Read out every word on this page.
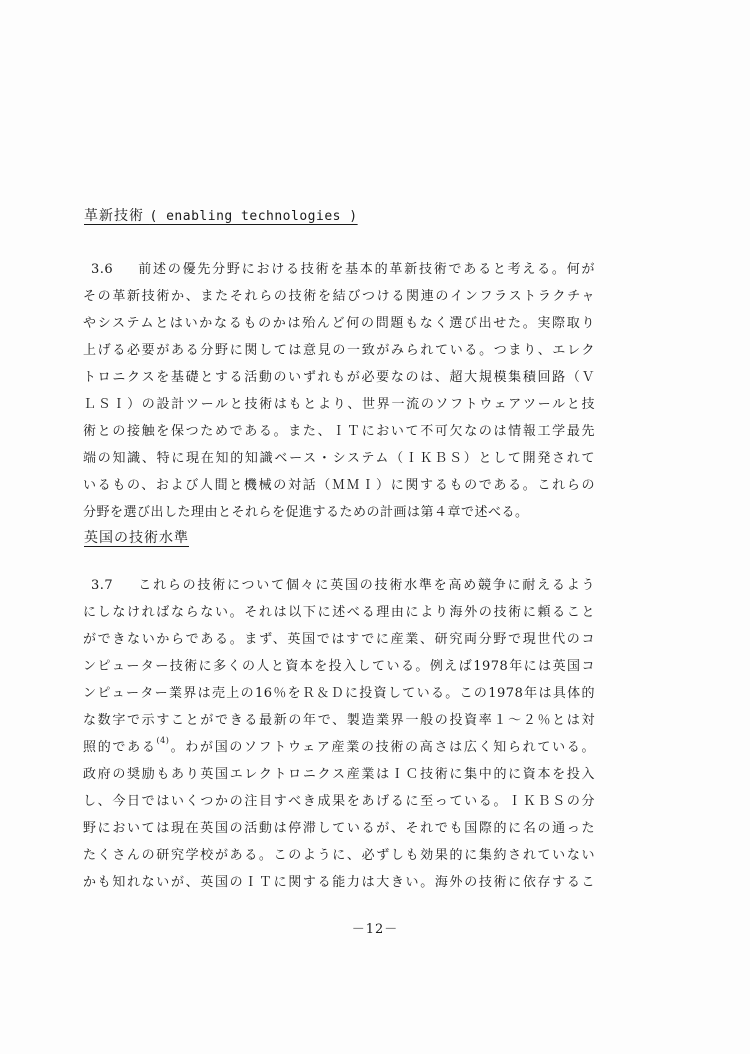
革新技術 ( enabling technologies )
3.6 前述の優先分野における技術を基本的革新技術であると考える。何が
その革新技術か、またそれらの技術を結びつける関連のインフラストラクチャ
やシステムとはいかなるものかは殆んど何の問題もなく選び出せた。実際取り
上げる必要がある分野に関しては意見の一致がみられている。つまり、エレク
トロニクスを基礎とする活動のいずれもが必要なのは、超大規模集積回路（Ｖ
ＬＳＩ）の設計ツールと技術はもとより、世界一流のソフトウェアツールと技
術との接触を保つためである。また、ＩＴにおいて不可欠なのは情報工学最先
端の知識、特に現在知的知識ベース・システム（ＩＫＢＳ）として開発されて
いるもの、および人間と機械の対話（ＭＭＩ）に関するものである。これらの
分野を選び出した理由とそれらを促進するための計画は第４章で述べる。
英国の技術水準
3.7 これらの技術について個々に英国の技術水準を高め競争に耐えるよう
にしなければならない。それは以下に述べる理由により海外の技術に頼ること
ができないからである。まず、英国ではすでに産業、研究両分野で現世代のコ
ンピューター技術に多くの人と資本を投入している。例えば1978年には英国コ
ンピューター業界は売上の16％をＲ＆Ｄに投資している。この1978年は具体的
な数字で示すことができる最新の年で、製造業界一般の投資率１～２％とは対
照的である$^{(4)}$。わが国のソフトウェア産業の技術の高さは広く知られている。
政府の奨励もあり英国エレクトロニクス産業はＩＣ技術に集中的に資本を投入
し、今日ではいくつかの注目すべき成果をあげるに至っている。ＩＫＢＳの分
野においては現在英国の活動は停滞しているが、それでも国際的に名の通った
たくさんの研究学校がある。このように、必ずしも効果的に集約されていない
かも知れないが、英国のＩＴに関する能力は大きい。海外の技術に依存するこ
－12－
